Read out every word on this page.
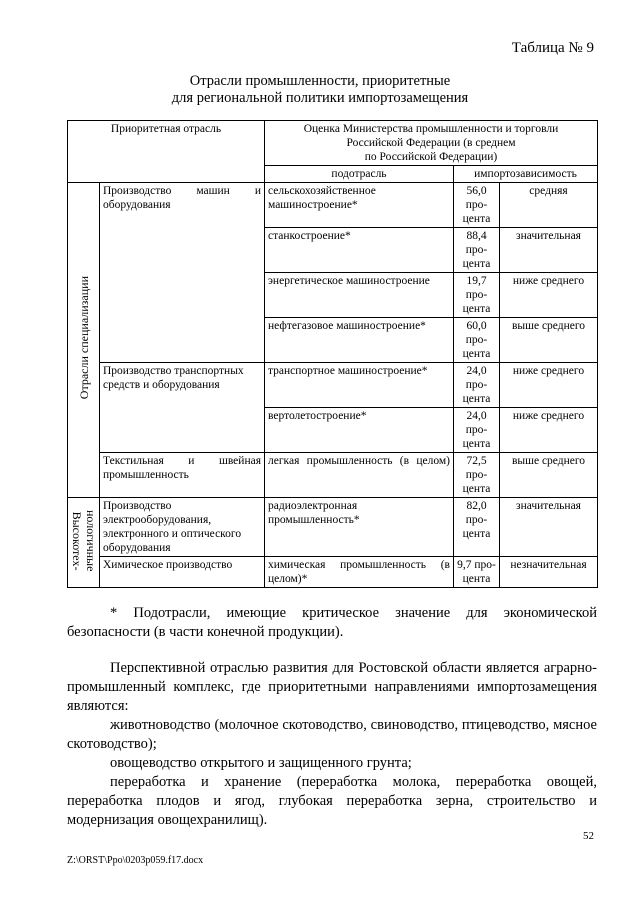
Таблица № 9
Отрасли промышленности, приоритетные
для региональной политики импортозамещения
Приоритетная отрасль		Оценка Министерства промышленности и торговли
Российской Федерации (в среднем
по Российской Федерации)		
		подотрасль	импортозависимость	
Отрасли специализации	Производство машин и оборудования	сельскохозяйственное машиностроение*	56,0 про- цента	средняя
		станкостроение*	88,4 про- цента	значительная
		энергетическое машиностроение	19,7 про- цента	ниже среднего
		нефтегазовое машиностроение*	60,0 про- цента	выше среднего
	Производство транспортных средств и оборудования	транспортное машиностроение*	24,0 про- цента	ниже среднего
		вертолетостроение*	24,0 про- цента	ниже среднего
	Текстильная и швейная промышленность	легкая промышленность (в целом)	72,5 про- цента	выше среднего
Высокотех-
нологичные	Производство электрооборудования, электронного и оптического оборудования	радиоэлектронная промышленность*	82,0 про- цента	значительная
	Химическое производство	химическая промышленность (в целом)*	9,7 про- цента	незначительная
* Подотрасли, имеющие критическое значение для экономической безопасности (в части конечной продукции).

Перспективной отраслью развития для Ростовской области является аграрно-промышленный комплекс, где приоритетными направлениями импортозамещения являются:

животноводство (молочное скотоводство, свиноводство, птицеводство, мясное скотоводство);

овощеводство открытого и защищенного грунта;

переработка и хранение (переработка молока, переработка овощей, переработка плодов и ягод, глубокая переработка зерна, строительство и модернизация овощехранилищ).

52
Z:\ORST\Ppo\0203p059.f17.docx
